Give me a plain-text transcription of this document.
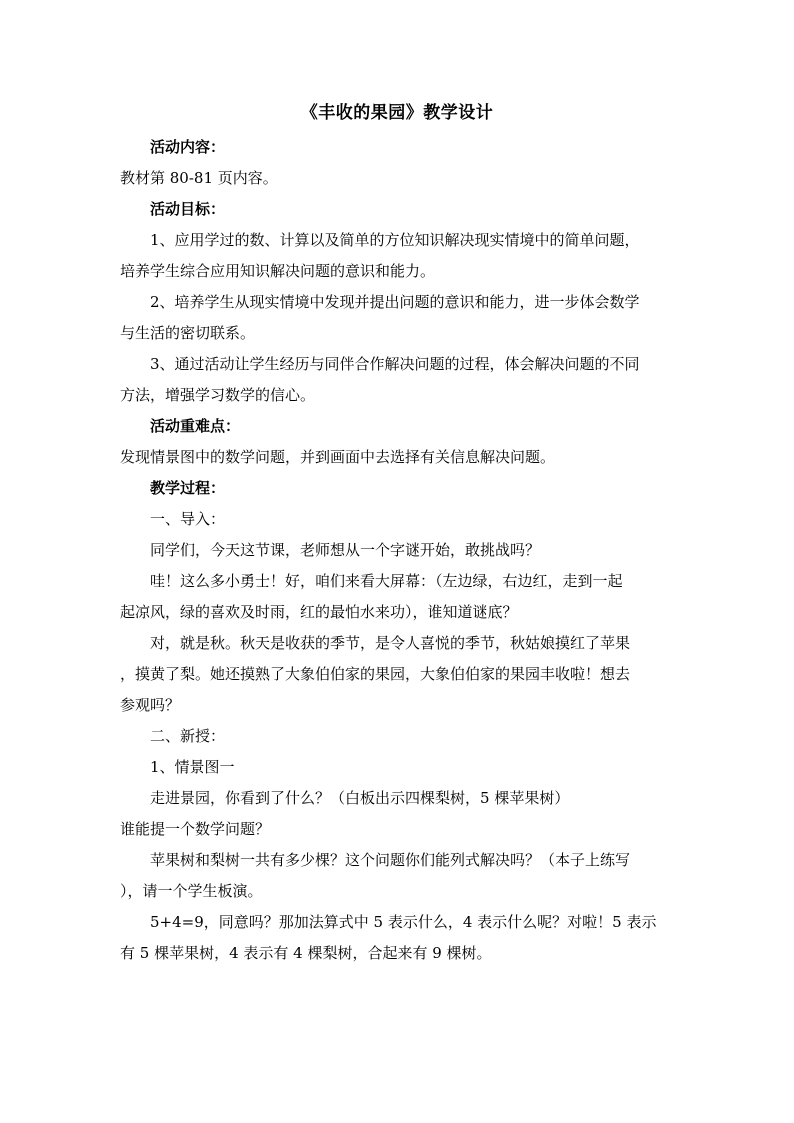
《丰收的果园》教学设计
活动内容：
教材第 80-81 页内容。
活动目标：
1、应用学过的数、计算以及简单的方位知识解决现实情境中的简单问题，
培养学生综合应用知识解决问题的意识和能力。
2、培养学生从现实情境中发现并提出问题的意识和能力，进一步体会数学
与生活的密切联系。
3、通过活动让学生经历与同伴合作解决问题的过程，体会解决问题的不同
方法，增强学习数学的信心。
活动重难点：
发现情景图中的数学问题，并到画面中去选择有关信息解决问题。
教学过程：
一、导入：
同学们，今天这节课，老师想从一个字谜开始，敢挑战吗？
哇！这么多小勇士！好，咱们来看大屏幕：（左边绿，右边红，走到一起
起凉风，绿的喜欢及时雨，红的最怕水来功），谁知道谜底？
对，就是秋。秋天是收获的季节，是令人喜悦的季节，秋姑娘摸红了苹果
，摸黄了梨。她还摸熟了大象伯伯家的果园，大象伯伯家的果园丰收啦！想去
参观吗？
二、新授：
1、情景图一
走进景园，你看到了什么？（白板出示四棵梨树，5 棵苹果树）
谁能提一个数学问题？
苹果树和梨树一共有多少棵？这个问题你们能列式解决吗？（本子上练写
），请一个学生板演。
5+4=9，同意吗？那加法算式中 5 表示什么，4 表示什么呢？对啦！5 表示
有 5 棵苹果树，4 表示有 4 棵梨树，合起来有 9 棵树。
